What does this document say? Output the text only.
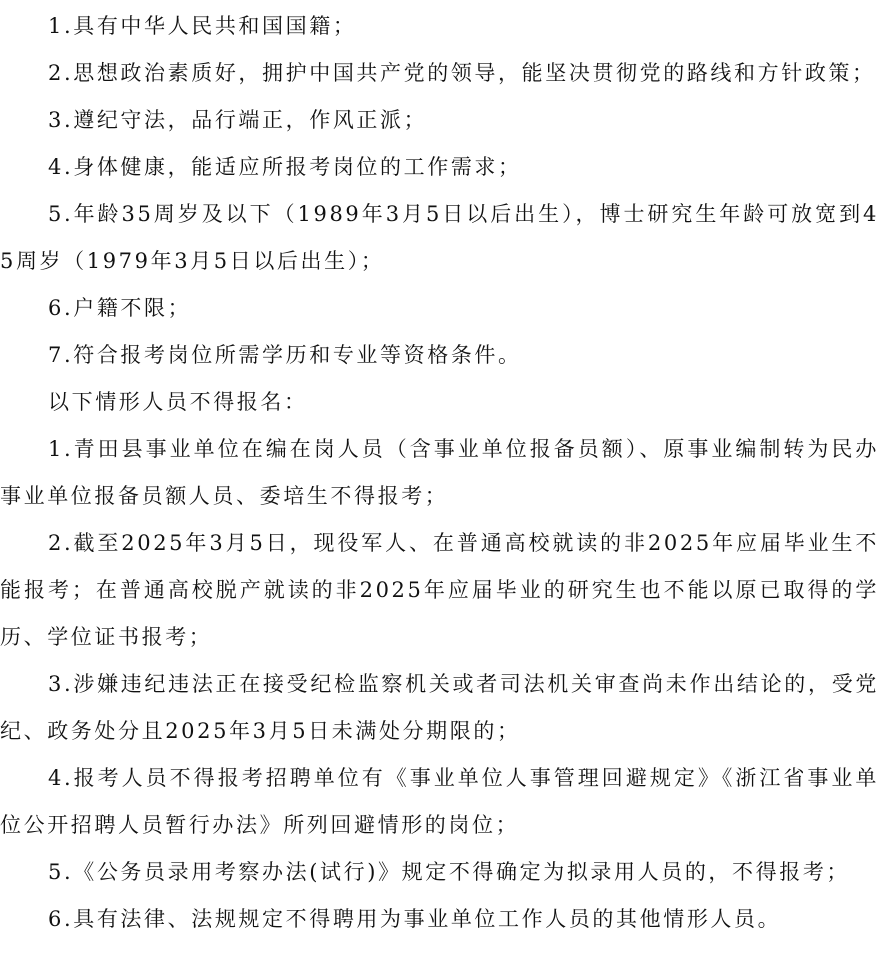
1.具有中华人民共和国国籍；

2.思想政治素质好，拥护中国共产党的领导，能坚决贯彻党的路线和方针政策；

3.遵纪守法，品行端正，作风正派；

4.身体健康，能适应所报考岗位的工作需求；

5.年龄35周岁及以下（1989年3月5日以后出生），博士研究生年龄可放宽到45周岁（1979年3月5日以后出生）；

6.户籍不限；

7.符合报考岗位所需学历和专业等资格条件。

以下情形人员不得报名：

1.青田县事业单位在编在岗人员（含事业单位报备员额）、原事业编制转为民办事业单位报备员额人员、委培生不得报考；

2.截至2025年3月5日，现役军人、在普通高校就读的非2025年应届毕业生不能报考；在普通高校脱产就读的非2025年应届毕业的研究生也不能以原已取得的学历、学位证书报考；

3.涉嫌违纪违法正在接受纪检监察机关或者司法机关审查尚未作出结论的，受党纪、政务处分且2025年3月5日未满处分期限的；

4.报考人员不得报考招聘单位有《事业单位人事管理回避规定》《浙江省事业单位公开招聘人员暂行办法》所列回避情形的岗位；

5.《公务员录用考察办法(试行)》规定不得确定为拟录用人员的，不得报考；

6.具有法律、法规规定不得聘用为事业单位工作人员的其他情形人员。
